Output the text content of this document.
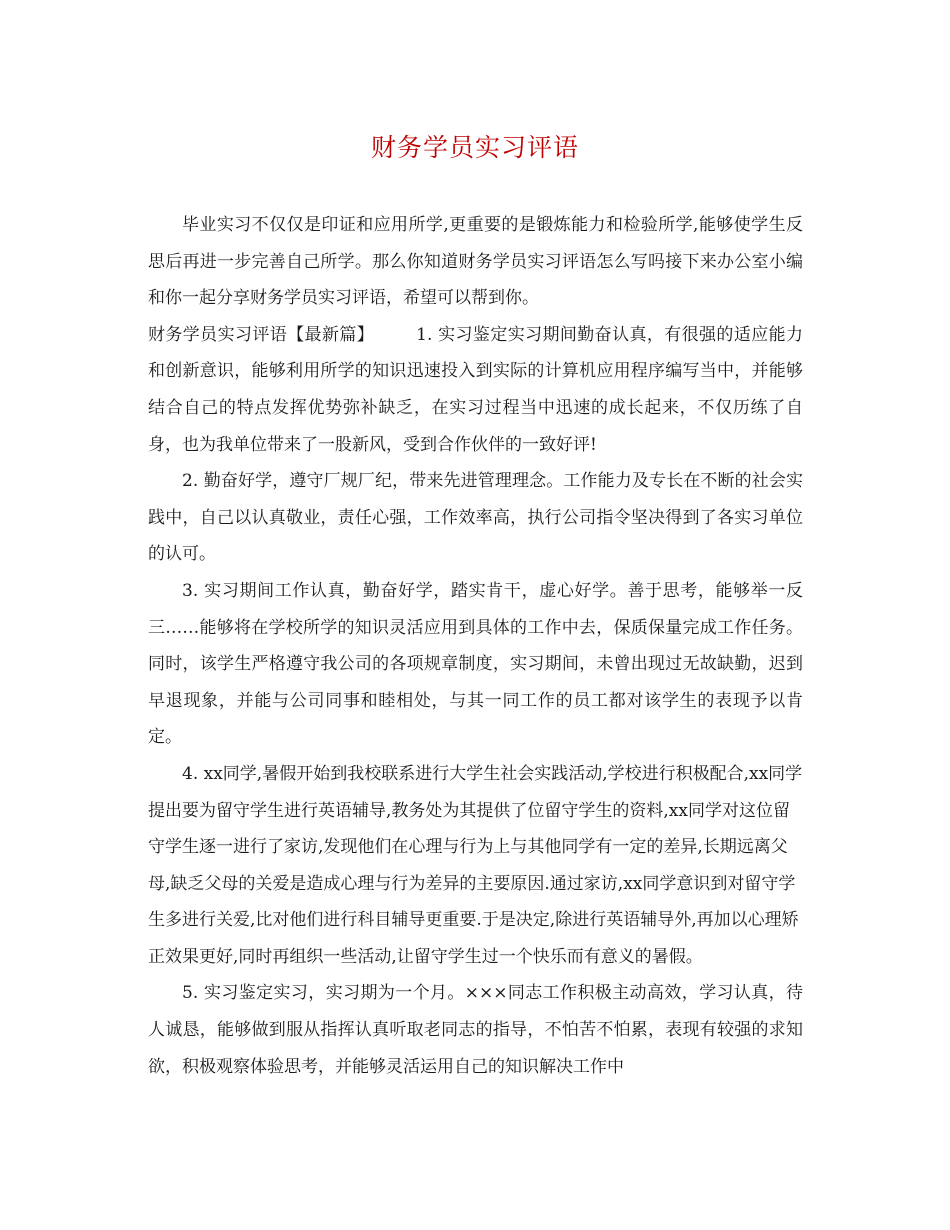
财务学员实习评语

毕业实习不仅仅是印证和应用所学,更重要的是锻炼能力和检验所学,能够使学生反思后再进一步完善自己所学。那么你知道财务学员实习评语怎么写吗接下来办公室小编和你一起分享财务学员实习评语，希望可以帮到你。

财务学员实习评语【最新篇】 1. 实习鉴定实习期间勤奋认真，有很强的适应能力和创新意识，能够利用所学的知识迅速投入到实际的计算机应用程序编写当中，并能够结合自己的特点发挥优势弥补缺乏，在实习过程当中迅速的成长起来，不仅历练了自身，也为我单位带来了一股新风，受到合作伙伴的一致好评!

2. 勤奋好学，遵守厂规厂纪，带来先进管理理念。工作能力及专长在不断的社会实践中，自己以认真敬业，责任心强，工作效率高，执行公司指令坚决得到了各实习单位的认可。

3. 实习期间工作认真，勤奋好学，踏实肯干，虚心好学。善于思考，能够举一反三……能够将在学校所学的知识灵活应用到具体的工作中去，保质保量完成工作任务。同时，该学生严格遵守我公司的各项规章制度，实习期间，未曾出现过无故缺勤，迟到早退现象，并能与公司同事和睦相处，与其一同工作的员工都对该学生的表现予以肯定。

4. xx同学,暑假开始到我校联系进行大学生社会实践活动,学校进行积极配合,xx同学提出要为留守学生进行英语辅导,教务处为其提供了位留守学生的资料,xx同学对这位留守学生逐一进行了家访,发现他们在心理与行为上与其他同学有一定的差异,长期远离父母,缺乏父母的关爱是造成心理与行为差异的主要原因.通过家访,xx同学意识到对留守学生多进行关爱,比对他们进行科目辅导更重要.于是决定,除进行英语辅导外,再加以心理矫正效果更好,同时再组织一些活动,让留守学生过一个快乐而有意义的暑假。

5. 实习鉴定实习，实习期为一个月。×××同志工作积极主动高效，学习认真，待人诚恳，能够做到服从指挥认真听取老同志的指导，不怕苦不怕累，表现有较强的求知欲，积极观察体验思考，并能够灵活运用自己的知识解决工作中
